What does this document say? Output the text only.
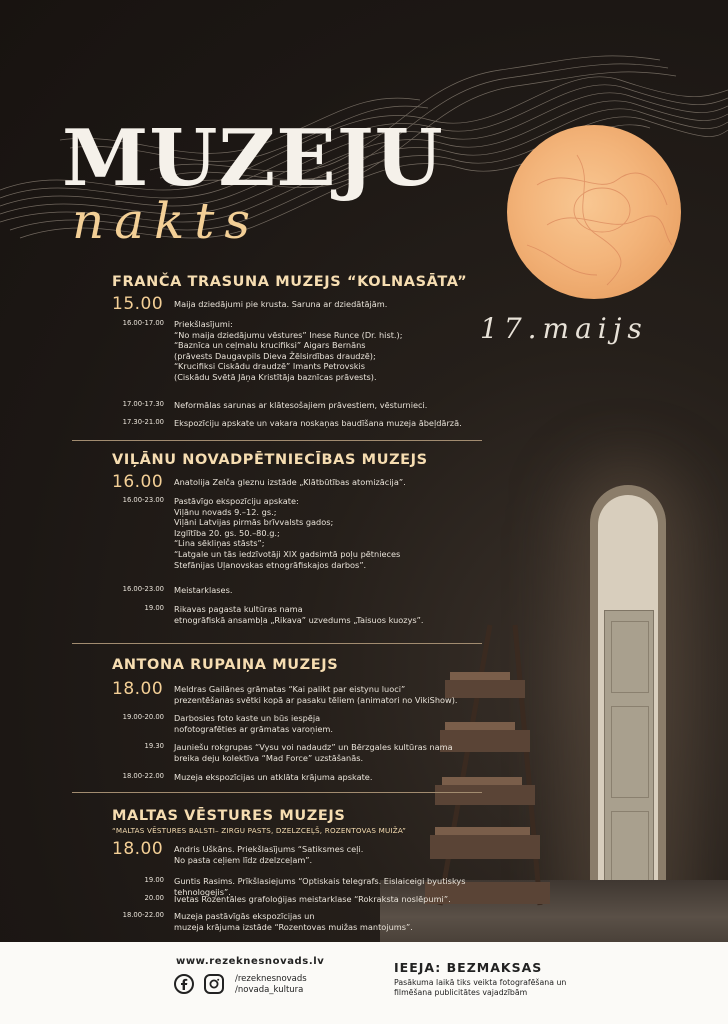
MUZEJU
nakts
17.maijs
FRANČA TRASUNA MUZEJS “KOLNASĀTA”
15.00 Maija dziedājumi pie krusta. Saruna ar dziedātājām.
16.00-17.00 Priekšlasījumi:
“No maija dziedājumu vēstures” Inese Runce (Dr. hist.);
“Baznīca un ceļmalu krucifiksi” Aigars Bernāns
(prāvests Daugavpils Dieva Žēlsirdības draudzē);
“Krucifiksi Ciskādu draudzē” Imants Petrovskis
(Ciskādu Svētā Jāņa Kristītāja baznīcas prāvests).
17.00-17.30 Neformālas sarunas ar klātesošajiem prāvestiem, vēsturnieci.
17.30-21.00 Ekspozīciju apskate un vakara noskaņas baudīšana muzeja ābeļdārzā.
VIĻĀNU NOVADPĒTNIECĪBAS MUZEJS
16.00 Anatolija Zelča gleznu izstāde „Klātbūtības atomizācija”.
16.00-23.00 Pastāvīgo ekspozīciju apskate:
Viļānu novads 9.–12. gs.;
Viļāni Latvijas pirmās brīvvalsts gados;
Izglītība 20. gs. 50.–80.g.;
“Lina sēkliņas stāsts”;
“Latgale un tās iedzīvotāji XIX gadsimtā poļu pētnieces
Stefānijas Uļanovskas etnogrāfiskajos darbos”.
16.00-23.00 Meistarklases.
19.00 Rikavas pagasta kultūras nama
etnogrāfiskā ansambļa „Rikava” uzvedums „Taisuos kuozys”.
ANTONA RUPAIŅA MUZEJS
18.00 Meldras Gailānes grāmatas “Kai palikt par eistynu luoci”
prezentēšanas svētki kopā ar pasaku tēliem (animatori no VikiShow).
19.00-20.00 Darbosies foto kaste un būs iespēja
nofotografēties ar grāmatas varoņiem.
19.30 Jauniešu rokgrupas “Vysu voi nadaudz” un Bērzgales kultūras nama
breika deju kolektīva “Mad Force” uzstāšanās.
18.00-22.00 Muzeja ekspozīcijas un atklāta krājuma apskate.
MALTAS VĒSTURES MUZEJS
“MALTAS VĒSTURES BALSTI– ZIRGU PASTS, DZELZCEĻŠ, ROZENTOVAS MUIŽA”
18.00 Andris Uškāns. Priekšlasījums “Satiksmes ceļi.
No pasta ceļiem līdz dzelzceļam”.
19.00 Guntis Rasims. Prīkšlasiejums “Optiskais telegrafs. Eislaiceigi byutiskys tehnologejis”.
20.00 Ivetas Rozentāles grafoloģijas meistarklase “Rokraksta noslēpumi”.
18.00-22.00 Muzeja pastāvīgās ekspozīcijas un
muzeja krājuma izstāde “Rozentovas muižas mantojums”.
www.rezeknesnovads.lv
/rezeknesnovads
/novada_kultura
IEEJA: BEZMAKSAS
Pasākuma laikā tiks veikta fotografēšana un filmēšana publicitātes vajadzībām
